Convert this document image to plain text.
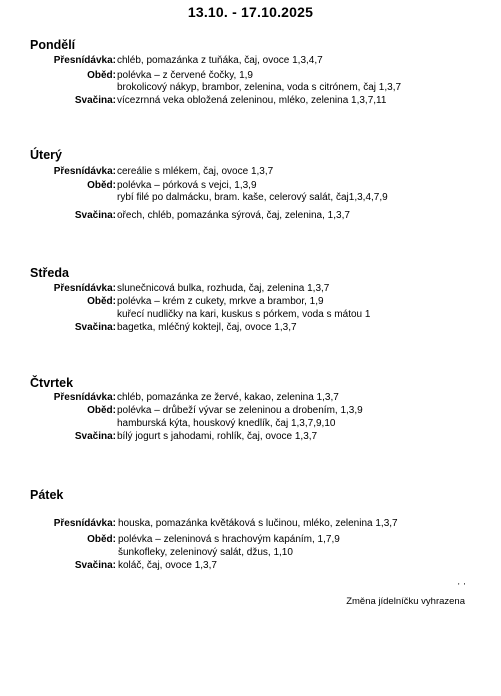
13.10. - 17.10.2025
Pondělí
Přesnídávka: chléb, pomazánka z tuňáka, čaj, ovoce 1,3,4,7
Oběd: polévka – z červené čočky, 1,9
brokolicový nákyp, brambor, zelenina, voda s citrónem, čaj 1,3,7
Svačina: vícezrnná veka obložená zeleninou, mléko, zelenina 1,3,7,11
Úterý
Přesnídávka: cereálie s mlékem, čaj, ovoce 1,3,7
Oběd: polévka – pórková s vejci, 1,3,9
rybí filé po dalmácku, bram. kaše, celerový salát, čaj1,3,4,7,9
Svačina: ořech, chléb, pomazánka sýrová, čaj, zelenina, 1,3,7
Středa
Přesnídávka: slunečnicová bulka, rozhuda, čaj, zelenina 1,3,7
Oběd: polévka – krém z cukety, mrkve a brambor, 1,9
kuřecí nudličky na kari, kuskus s pórkem, voda s mátou 1
Svačina: bagetka, mléčný koktejl, čaj, ovoce 1,3,7
Čtvrtek
Přesnídávka: chléb, pomazánka ze žervé, kakao, zelenina 1,3,7
Oběd: polévka – drůbeží vývar se zeleninou a drobením, 1,3,9
hamburská kýta, houskový knedlík, čaj 1,3,7,9,10
Svačina: bílý jogurt s jahodami, rohlík, čaj, ovoce 1,3,7
Pátek
Přesnídávka: houska, pomazánka květáková s lučinou, mléko, zelenina 1,3,7
Oběd: polévka – zeleninová s hrachovým kapáním, 1,7,9
šunkofleky, zeleninový salát, džus, 1,10
Svačina: koláč, čaj, ovoce 1,3,7
' '
Změna jídelníčku vyhrazena
